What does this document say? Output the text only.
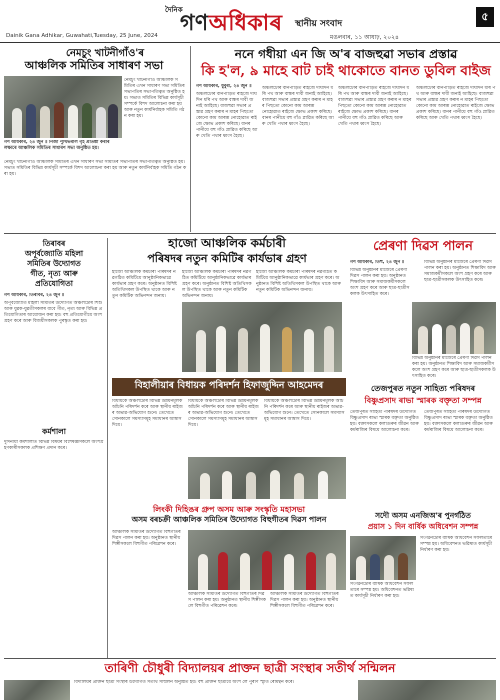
দৈনিক
গণঅধিকাৰ স্থানীয় সংবাদ
Dainik Gana Adhikar, Guwahati,Tuesday, 25 June, 2024	মঙলবাৰ, ১১ আষাঢ়, ২০২৪
৫
নেমচুং খাটনীগাঁও'ৰ
আঞ্চলিক সমিতিৰ সাধাৰণ সভা
গণ অধিকাৰ, ২৪ জুন ॥ নিজা পুথিভঁৰাল গৃহ প্ৰতিষ্ঠা কৰাৰ লক্ষ্যৰে আঞ্চলিক সমিতিৰ সাধাৰণ সভা অনুষ্ঠিত হয়।
নেমচুং খাটনীগাঁও আঞ্চলিক সমিতিৰ এখন সাধাৰণ সভা সমিতিৰ সভাপতিৰ সভাপতিত্বত অনুষ্ঠিত হয়। সভাত সমিতিৰ বিভিন্ন কাৰ্যসূচী সম্পৰ্কে বিশদ আলোচনা কৰা হয় আৰু নতুন কাৰ্যনিৰ্বাহক সমিতি গঠন কৰা হয়।
নেমচুং খাটনীগাঁও আঞ্চলিক সমিতিৰ এখন সাধাৰণ সভা সমিতিৰ সভাপতিৰ সভাপতিত্বত অনুষ্ঠিত হয়। সভাত সমিতিৰ বিভিন্ন কাৰ্যসূচী সম্পৰ্কে বিশদ আলোচনা কৰা হয় আৰু নতুন কাৰ্যনিৰ্বাহক সমিতি গঠন কৰা হয়।
ননে গধীয়া এন জি অ'ৰ বাজহুৱা সভাৰ প্ৰস্তাৱ
কি হ'ল, ৯ মাহে বাট চাই থাকোতে বানত ডুবিল বাইজ
গণ অধিকাৰ, ধুবুৰী, ২৪ জুন ॥
অঞ্চলটোৰ বানপীড়িত ৰাইজে দীৰ্ঘদিন ধৰি পথ আৰু বান্ধৰ দাবী জনাই আহিছে। বাজহুৱা সভাৰ প্ৰস্তাৱ গ্ৰহণ কৰাৰ ন মাহৰ পিছতো কোনো কাম আৰম্ভ নোহোৱাত ৰাইজে ক্ষোভ প্ৰকাশ কৰিছে। বানৰ পানীয়ে বহু গাঁও প্লাৱিত কৰিছে আৰু খেতি পথাৰ ধ্বংস হৈছে।
অঞ্চলটোৰ বানপীড়িত ৰাইজে দীৰ্ঘদিন ধৰি পথ আৰু বান্ধৰ দাবী জনাই আহিছে। বাজহুৱা সভাৰ প্ৰস্তাৱ গ্ৰহণ কৰাৰ ন মাহৰ পিছতো কোনো কাম আৰম্ভ নোহোৱাত ৰাইজে ক্ষোভ প্ৰকাশ কৰিছে। বানৰ পানীয়ে বহু গাঁও প্লাৱিত কৰিছে আৰু খেতি পথাৰ ধ্বংস হৈছে।
অঞ্চলটোৰ বানপীড়িত ৰাইজে দীৰ্ঘদিন ধৰি পথ আৰু বান্ধৰ দাবী জনাই আহিছে। বাজহুৱা সভাৰ প্ৰস্তাৱ গ্ৰহণ কৰাৰ ন মাহৰ পিছতো কোনো কাম আৰম্ভ নোহোৱাত ৰাইজে ক্ষোভ প্ৰকাশ কৰিছে। বানৰ পানীয়ে বহু গাঁও প্লাৱিত কৰিছে আৰু খেতি পথাৰ ধ্বংস হৈছে।
অঞ্চলটোৰ বানপীড়িত ৰাইজে দীৰ্ঘদিন ধৰি পথ আৰু বান্ধৰ দাবী জনাই আহিছে। বাজহুৱা সভাৰ প্ৰস্তাৱ গ্ৰহণ কৰাৰ ন মাহৰ পিছতো কোনো কাম আৰম্ভ নোহোৱাত ৰাইজে ক্ষোভ প্ৰকাশ কৰিছে। বানৰ পানীয়ে বহু গাঁও প্লাৱিত কৰিছে আৰু খেতি পথাৰ ধ্বংস হৈছে।
তিৰাবৰ
অপূৰ্বজ্যোতি মহিলা
সমিতিৰ উদ্যোগত
গীত, নৃত্য আৰু
প্ৰতিযোগিতা
গণ অধিকাৰ, তিৰাবৰ, ২৪ জুন ॥
অপূৰ্বজ্যোতি মহিলা সমিতিৰ উদ্যোগত অঞ্চলটোৰ শিশু আৰু যুৱক-যুৱতীসকলৰ বাবে গীত, নৃত্য আৰু বিভিন্ন প্ৰতিযোগিতাৰ আয়োজন কৰা হয়। বহু প্ৰতিযোগীয়ে অংশ গ্ৰহণ কৰে আৰু বিজয়ীসকলক পুৰস্কৃত কৰা হয়।
কৰ্মশালা
দুদিনীয়া কৰ্মশালাত বিভিন্ন বিষয়ৰ বিশেষজ্ঞসকলে অংশগ্ৰহণকাৰীসকলক প্ৰশিক্ষণ প্ৰদান কৰে।
হাজো আঞ্চলিক কৰ্মচাৰী
পৰিষদৰ নতুন কমিটিৰ কাৰ্যভাৰ গ্ৰহণ
হাজো আঞ্চলিক কৰ্মচাৰী পৰিষদৰ নৱগঠিত কমিটিয়ে আনুষ্ঠানিকভাৱে কাৰ্যভাৰ গ্ৰহণ কৰে। অনুষ্ঠানত বিশিষ্ট অতিথিসকল উপস্থিত থাকে আৰু নতুন কমিটিক অভিনন্দন জনায়।
হাজো আঞ্চলিক কৰ্মচাৰী পৰিষদৰ নৱগঠিত কমিটিয়ে আনুষ্ঠানিকভাৱে কাৰ্যভাৰ গ্ৰহণ কৰে। অনুষ্ঠানত বিশিষ্ট অতিথিসকল উপস্থিত থাকে আৰু নতুন কমিটিক অভিনন্দন জনায়।
হাজো আঞ্চলিক কৰ্মচাৰী পৰিষদৰ নৱগঠিত কমিটিয়ে আনুষ্ঠানিকভাৱে কাৰ্যভাৰ গ্ৰহণ কৰে। অনুষ্ঠানত বিশিষ্ট অতিথিসকল উপস্থিত থাকে আৰু নতুন কমিটিক অভিনন্দন জনায়।
প্ৰেৰণা দিৱস পালন
গণ অধিকাৰ, তিহু, ২৪ জুন ॥
বিভিন্ন অনুষ্ঠানৰ মাজেৰে প্ৰেৰণা দিৱস পালন কৰা হয়। অনুষ্ঠানত শিক্ষাবিদ আৰু সমাজকৰ্মীসকলে অংশ গ্ৰহণ কৰে আৰু ছাত্ৰ-ছাত্ৰীসকলক উৎসাহিত কৰে।
বিভিন্ন অনুষ্ঠানৰ মাজেৰে প্ৰেৰণা দিৱস পালন কৰা হয়। অনুষ্ঠানত শিক্ষাবিদ আৰু সমাজকৰ্মীসকলে অংশ গ্ৰহণ কৰে আৰু ছাত্ৰ-ছাত্ৰীসকলক উৎসাহিত কৰে।
বিভিন্ন অনুষ্ঠানৰ মাজেৰে প্ৰেৰণা দিৱস পালন কৰা হয়। অনুষ্ঠানত শিক্ষাবিদ আৰু সমাজকৰ্মীসকলে অংশ গ্ৰহণ কৰে আৰু ছাত্ৰ-ছাত্ৰীসকলক উৎসাহিত কৰে।
বিহালীয়াৰ বিধায়ক পৰিদৰ্শন হিফাজুদ্দিন আহমেদৰ
বিধায়কে অঞ্চলটোৰ বিভিন্ন উন্নয়নমূলক আঁচনি পৰিদৰ্শন কৰে আৰু স্থানীয় ৰাইজৰ অভাৱ-অভিযোগ শুনে। তেখেতে সোনকালে সমস্যাসমূহ সমাধানৰ আশ্বাস দিয়ে।
বিধায়কে অঞ্চলটোৰ বিভিন্ন উন্নয়নমূলক আঁচনি পৰিদৰ্শন কৰে আৰু স্থানীয় ৰাইজৰ অভাৱ-অভিযোগ শুনে। তেখেতে সোনকালে সমস্যাসমূহ সমাধানৰ আশ্বাস দিয়ে।
বিধায়কে অঞ্চলটোৰ বিভিন্ন উন্নয়নমূলক আঁচনি পৰিদৰ্শন কৰে আৰু স্থানীয় ৰাইজৰ অভাৱ-অভিযোগ শুনে। তেখেতে সোনকালে সমস্যাসমূহ সমাধানৰ আশ্বাস দিয়ে।
তেজপুৰত নতুন সাহিত্য পৰিষদৰ
বিষ্ণুপ্ৰসাদ ৰাভা স্মাৰক বক্তৃতা সম্পন্ন
তেজপুৰত সাহিত্য পৰিষদৰ উদ্যোগত বিষ্ণুপ্ৰসাদ ৰাভা স্মাৰক বক্তৃতা অনুষ্ঠিত হয়। বক্তাসকলে কলাগুৰুৰ জীৱন আৰু কৰ্মৰাজিৰ বিষয়ে আলোচনা কৰে।
তেজপুৰত সাহিত্য পৰিষদৰ উদ্যোগত বিষ্ণুপ্ৰসাদ ৰাভা স্মাৰক বক্তৃতা অনুষ্ঠিত হয়। বক্তাসকলে কলাগুৰুৰ জীৱন আৰু কৰ্মৰাজিৰ বিষয়ে আলোচনা কৰে।
সদৌ অসম এনজিঅ'ৰ পুনৰ্গঠিত
প্ৰয়াস ১ দিন বাৰ্ষিক অধিবেশন সম্পন্ন
সংগঠনটোৰ বাৰ্ষিক অধিবেশন সফলতাৰে সম্পন্ন হয়। অধিবেশনত ভৱিষ্যত কাৰ্যসূচী নিৰ্ধাৰণ কৰা হয়।
সংগঠনটোৰ বাৰ্ষিক অধিবেশন সফলতাৰে সম্পন্ন হয়। অধিবেশনত ভৱিষ্যত কাৰ্যসূচী নিৰ্ধাৰণ কৰা হয়।
লিংকী দিহিঙৰ গ্ৰুপ অসম আৰু সংস্কৃতি মহাসভা
অসম বৰচক্ৰী আঞ্চলিক সমিতিৰ উদ্যোগত বিহুগীতৰ দিৱস পালন
আঞ্চলিক সমিতিৰ উদ্যোগত বিহুগীতৰ দিৱস পালন কৰা হয়। অনুষ্ঠানত স্থানীয় শিল্পীসকলে বিহুগীত পৰিৱেশন কৰে।
আঞ্চলিক সমিতিৰ উদ্যোগত বিহুগীতৰ দিৱস পালন কৰা হয়। অনুষ্ঠানত স্থানীয় শিল্পীসকলে বিহুগীত পৰিৱেশন কৰে।
আঞ্চলিক সমিতিৰ উদ্যোগত বিহুগীতৰ দিৱস পালন কৰা হয়। অনুষ্ঠানত স্থানীয় শিল্পীসকলে বিহুগীত পৰিৱেশন কৰে।
তাৰিণী চৌধুৰী বিদ্যালয়ৰ প্ৰাক্তন ছাত্ৰী সংস্থাৰ সতীৰ্থ সন্মিলন
বিদ্যালয়ৰ প্ৰাক্তন ছাত্ৰী সংস্থাৰ উদ্যোগত সতীৰ্থ সন্মিলন অনুষ্ঠিত হয়। বহু প্ৰাক্তন ছাত্ৰীয়ে অংশ লৈ পুৰণি স্মৃতি ৰোমন্থন কৰে।
